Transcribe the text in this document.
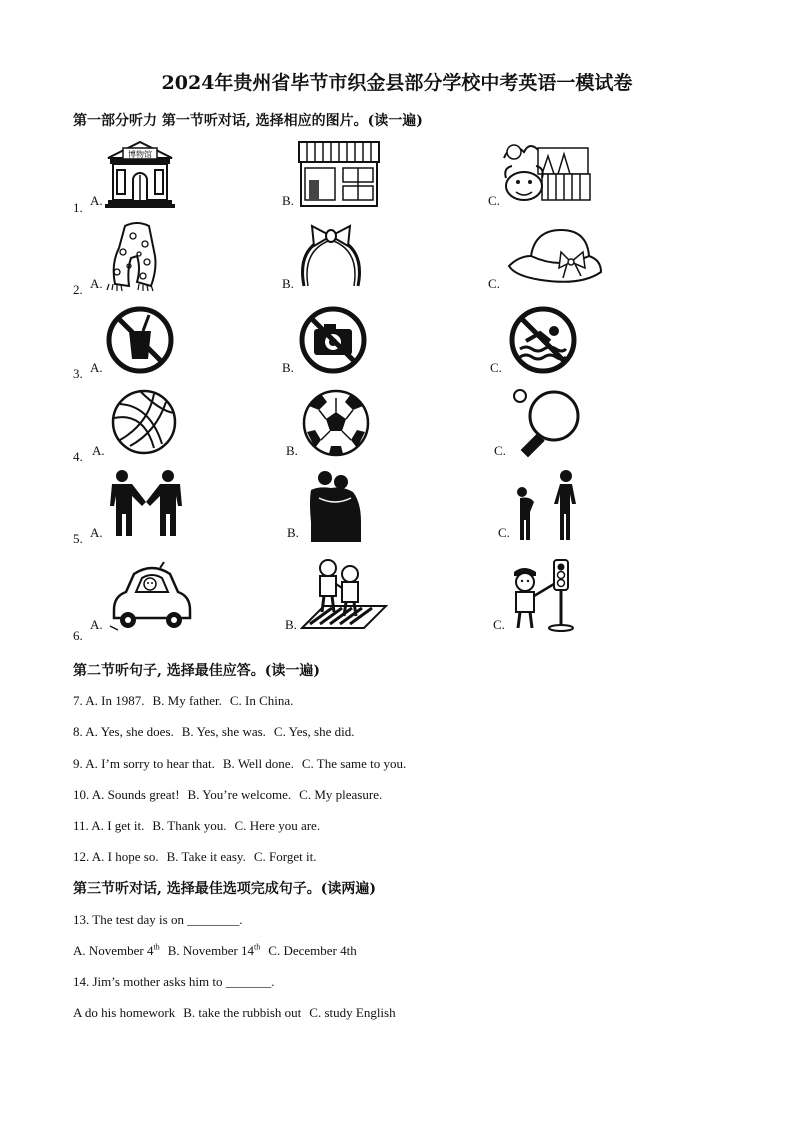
2024年贵州省毕节市织金县部分学校中考英语一模试卷
第一部分听力 第一节听对话, 选择相应的图片。(读一遍)
1. A.
博物馆
B.	C.
2. A.	B.	C.
3. A.	B.	C.
4. A.	B.	C.
5. A.	B.	C.
6.
A.	B.	C.
第二节听句子, 选择最佳应答。(读一遍)
7. A. In 1987. B. My father. C. In China.
8. A. Yes, she does. B. Yes, she was. C. Yes, she did.
9. A. I’m sorry to hear that. B. Well done. C. The same to you.
10. A. Sounds great! B. You’re welcome. C. My pleasure.
11. A. I get it. B. Thank you. C. Here you are.
12. A. I hope so. B. Take it easy. C. Forget it.
第三节听对话, 选择最佳选项完成句子。(读两遍)
13. The test day is on ________.
A. November 4th B. November 14th C. December 4th
14. Jim’s mother asks him to _______.
A do his homework B. take the rubbish out C. study English
